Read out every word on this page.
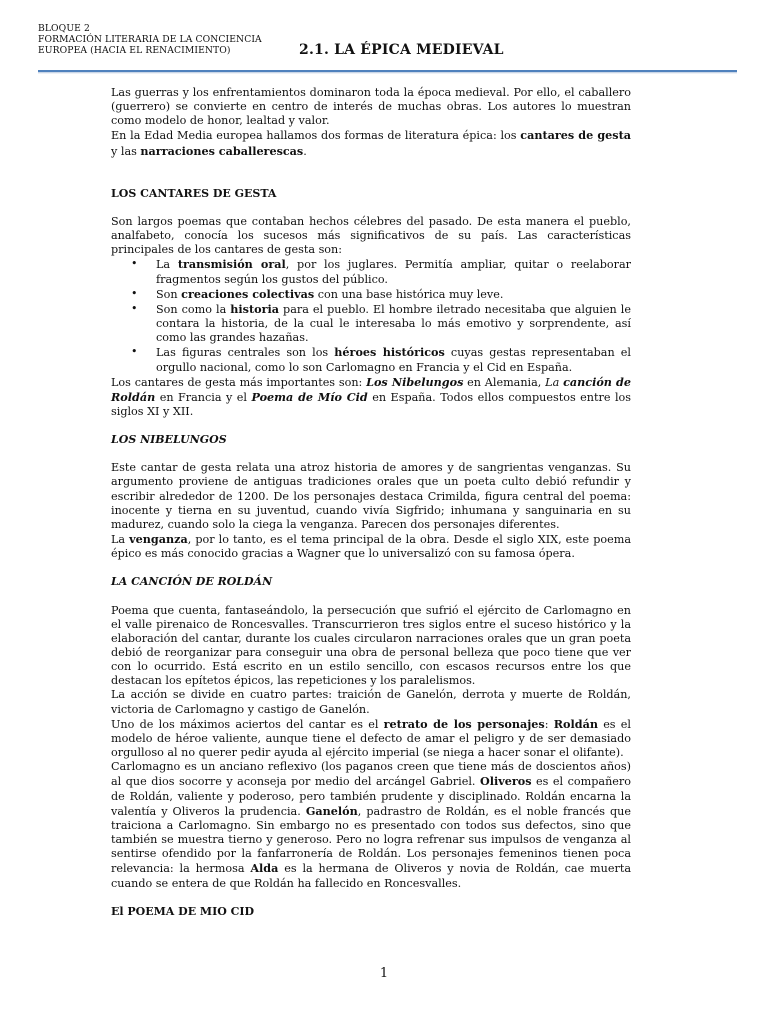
BLOQUE 2
FORMACIÓN LITERARIA DE LA CONCIENCIA
EUROPEA (HACIA EL RENACIMIENTO)	2.1. LA ÉPICA MEDIEVAL

Las guerras y los enfrentamientos dominaron toda la época medieval. Por ello, el caballero (guerrero) se convierte en centro de interés de muchas obras. Los autores lo muestran como modelo de honor, lealtad y valor.

En la Edad Media europea hallamos dos formas de literatura épica: los cantares de gesta y las narraciones caballerescas.

LOS CANTARES DE GESTA

Son largos poemas que contaban hechos célebres del pasado. De esta manera el pueblo, analfabeto, conocía los sucesos más significativos de su país. Las características principales de los cantares de gesta son:

• La transmisión oral, por los juglares. Permitía ampliar, quitar o reelaborar fragmentos según los gustos del público.
• Son creaciones colectivas con una base histórica muy leve.
• Son como la historia para el pueblo. El hombre iletrado necesitaba que alguien le contara la historia, de la cual le interesaba lo más emotivo y sorprendente, así como las grandes hazañas.
• Las figuras centrales son los héroes históricos cuyas gestas representaban el orgullo nacional, como lo son Carlomagno en Francia y el Cid en España.

Los cantares de gesta más importantes son: Los Nibelungos en Alemania, La canción de Roldán en Francia y el Poema de Mío Cid en España. Todos ellos compuestos entre los siglos XI y XII.

LOS NIBELUNGOS

Este cantar de gesta relata una atroz historia de amores y de sangrientas venganzas. Su argumento proviene de antiguas tradiciones orales que un poeta culto debió refundir y escribir alrededor de 1200. De los personajes destaca Crimilda, figura central del poema: inocente y tierna en su juventud, cuando vivía Sigfrido; inhumana y sanguinaria en su madurez, cuando solo la ciega la venganza. Parecen dos personajes diferentes.

La venganza, por lo tanto, es el tema principal de la obra. Desde el siglo XIX, este poema épico es más conocido gracias a Wagner que lo universalizó con su famosa ópera.

LA CANCIÓN DE ROLDÁN

Poema que cuenta, fantaseándolo, la persecución que sufrió el ejército de Carlomagno en el valle pirenaico de Roncesvalles. Transcurrieron tres siglos entre el suceso histórico y la elaboración del cantar, durante los cuales circularon narraciones orales que un gran poeta debió de reorganizar para conseguir una obra de personal belleza que poco tiene que ver con lo ocurrido. Está escrito en un estilo sencillo, con escasos recursos entre los que destacan los epítetos épicos, las repeticiones y los paralelismos.

La acción se divide en cuatro partes: traición de Ganelón, derrota y muerte de Roldán, victoria de Carlomagno y castigo de Ganelón.

Uno de los máximos aciertos del cantar es el retrato de los personajes: Roldán es el modelo de héroe valiente, aunque tiene el defecto de amar el peligro y de ser demasiado orgulloso al no querer pedir ayuda al ejército imperial (se niega a hacer sonar el olifante).

Carlomagno es un anciano reflexivo (los paganos creen que tiene más de doscientos años) al que dios socorre y aconseja por medio del arcángel Gabriel. Oliveros es el compañero de Roldán, valiente y poderoso, pero también prudente y disciplinado. Roldán encarna la valentía y Oliveros la prudencia. Ganelón, padrastro de Roldán, es el noble francés que traiciona a Carlomagno. Sin embargo no es presentado con todos sus defectos, sino que también se muestra tierno y generoso. Pero no logra refrenar sus impulsos de venganza al sentirse ofendido por la fanfarronería de Roldán. Los personajes femeninos tienen poca relevancia: la hermosa Alda es la hermana de Oliveros y novia de Roldán, cae muerta cuando se entera de que Roldán ha fallecido en Roncesvalles.

El POEMA DE MIO CID

1
